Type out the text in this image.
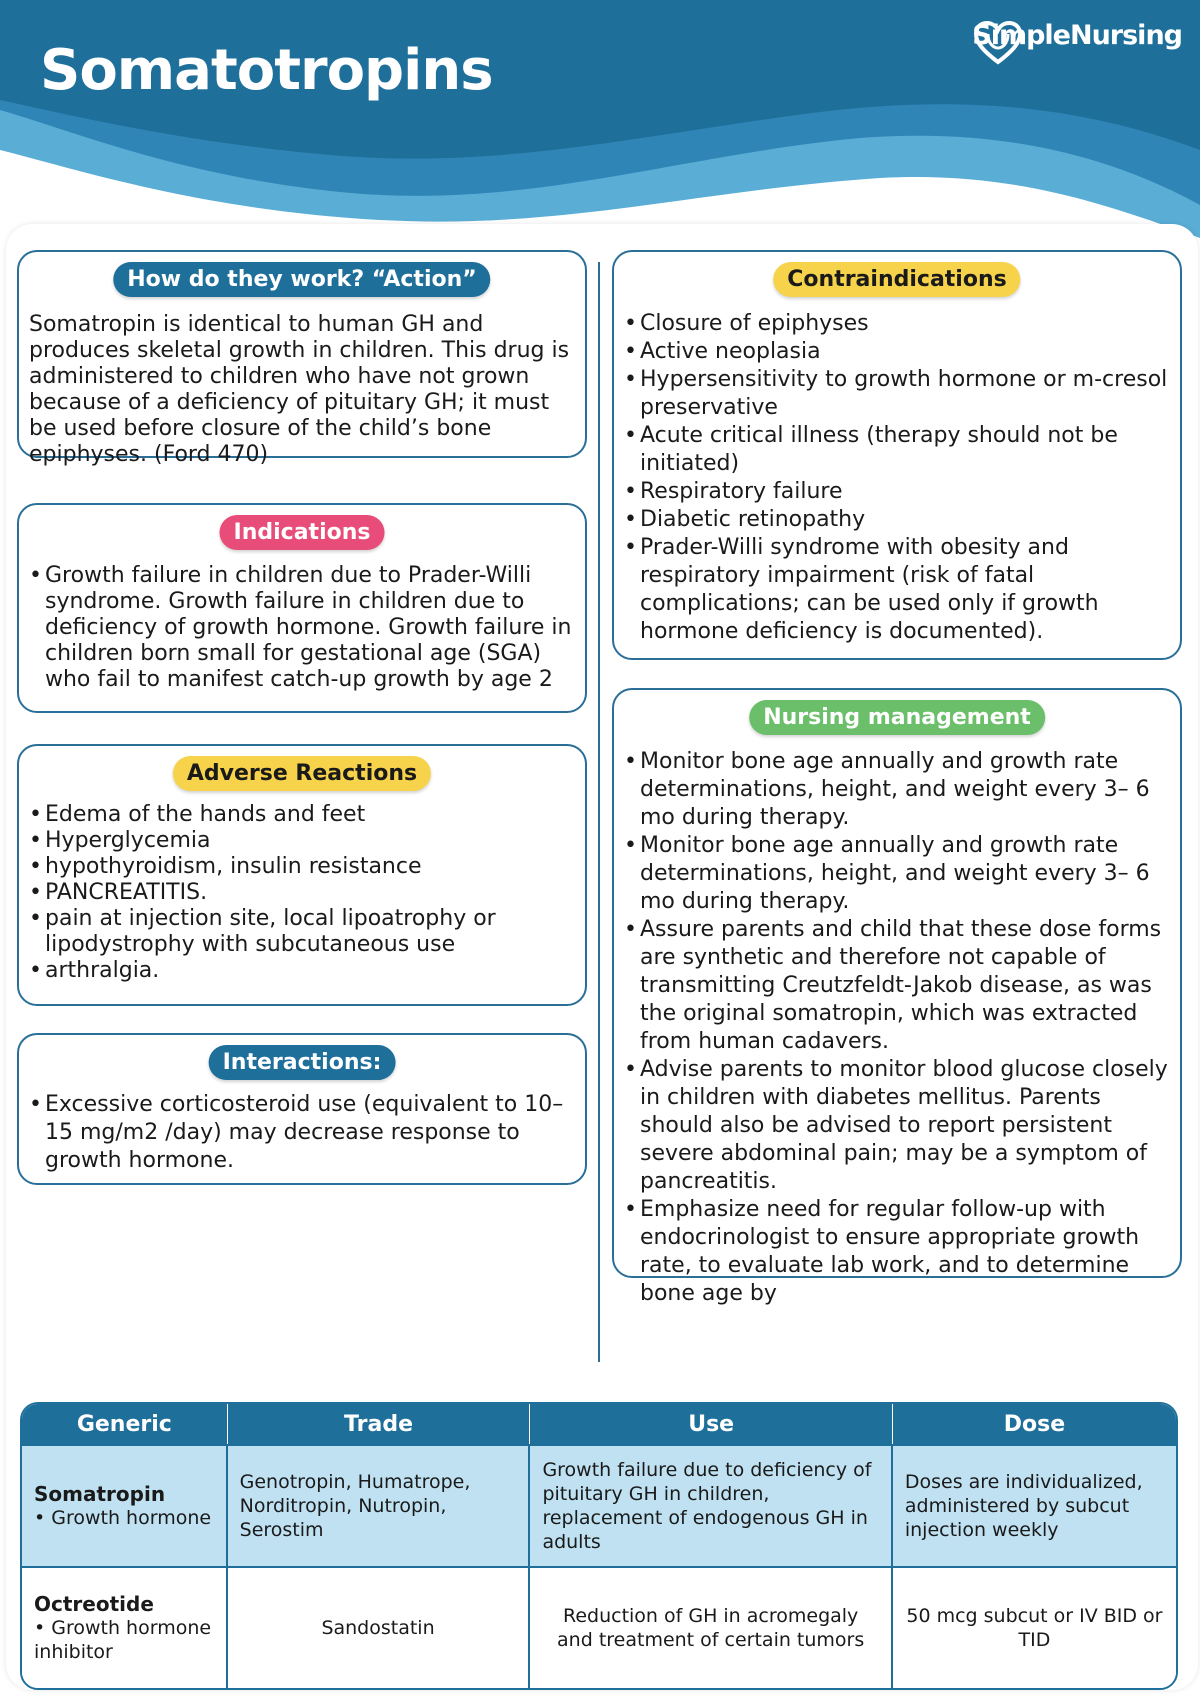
Somatotropins
SimpleNursing
How do they work? “Action”
Somatropin is identical to human GH and produces skeletal growth in children. This drug is administered to children who have not grown because of a deficiency of pituitary GH; it must be used before closure of the child’s bone epiphyses. (Ford 470)
Indications
• Growth failure in children due to Prader-Willi syndrome. Growth failure in children due to deficiency of growth hormone. Growth failure in children born small for gestational age (SGA) who fail to manifest catch-up growth by age 2
Adverse Reactions
• Edema of the hands and feet
• Hyperglycemia
• hypothyroidism, insulin resistance
• PANCREATITIS.
• pain at injection site, local lipoatrophy or lipodystrophy with subcutaneous use
• arthralgia.
Interactions:
• Excessive corticosteroid use (equivalent to 10– 15 mg/m2 /day) may decrease response to growth hormone.
Contraindications
• Closure of epiphyses
• Active neoplasia
• Hypersensitivity to growth hormone or m-cresol preservative
• Acute critical illness (therapy should not be initiated)
• Respiratory failure
• Diabetic retinopathy
• Prader-Willi syndrome with obesity and respiratory impairment (risk of fatal complications; can be used only if growth hormone deficiency is documented).
Nursing management
• Monitor bone age annually and growth rate determinations, height, and weight every 3– 6 mo during therapy.
• Monitor bone age annually and growth rate determinations, height, and weight every 3– 6 mo during therapy.
• Assure parents and child that these dose forms are synthetic and therefore not capable of transmitting Creutzfeldt-Jakob disease, as was the original somatropin, which was extracted from human cadavers.
• Advise parents to monitor blood glucose closely in children with diabetes mellitus. Parents should also be advised to report persistent severe abdominal pain; may be a symptom of pancreatitis.
• Emphasize need for regular follow-up with endocrinologist to ensure appropriate growth rate, to evaluate lab work, and to determine bone age by
Generic	Trade	Use	Dose

Somatropin
• Growth hormone	Genotropin, Humatrope, Norditropin, Nutropin, Serostim	Growth failure due to deficiency of pituitary GH in children, replacement of endogenous GH in adults	Doses are individualized, administered by subcut injection weekly

Octreotide
• Growth hormone inhibitor	Sandostatin	Reduction of GH in acromegaly and treatment of certain tumors	50 mcg subcut or IV BID or TID
